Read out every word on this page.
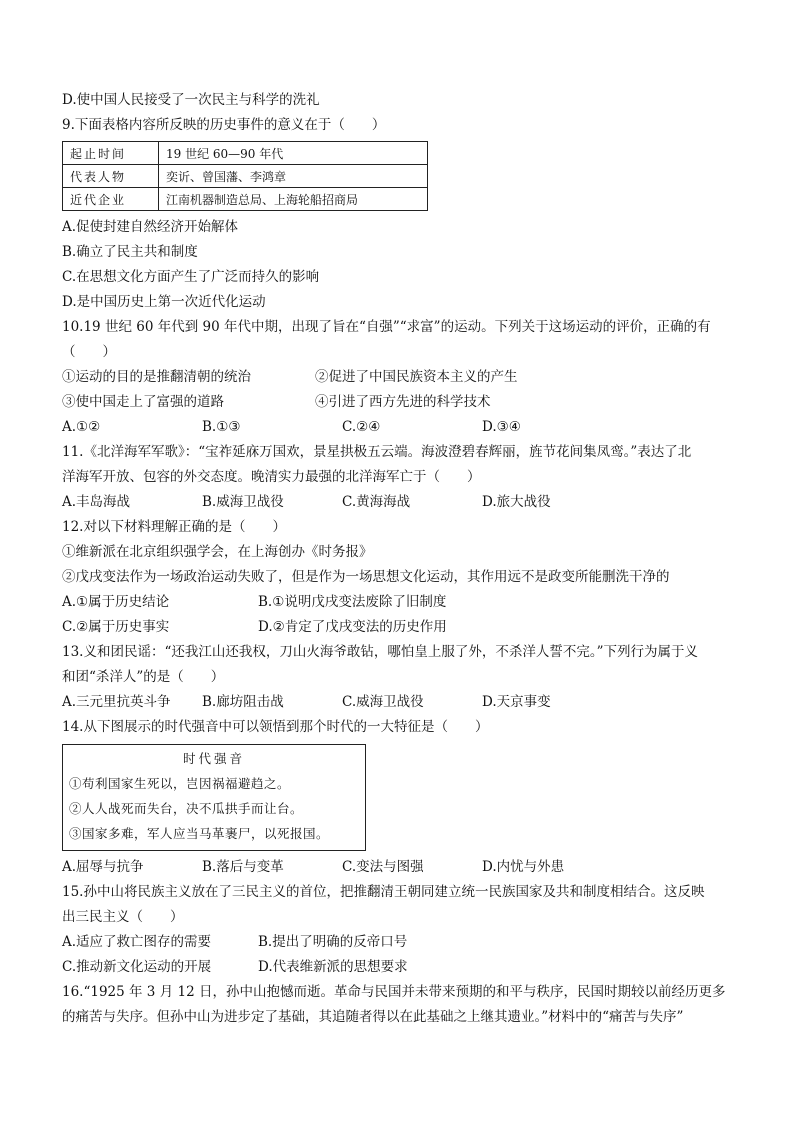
D.使中国人民接受了一次民主与科学的洗礼
9.下面表格内容所反映的历史事件的意义在于（　　）
起止时间	19 世纪 60—90 年代
代表人物	奕䜣、曾国藩、李鸿章
近代企业	江南机器制造总局、上海轮船招商局
A.促使封建自然经济开始解体
B.确立了民主共和制度
C.在思想文化方面产生了广泛而持久的影响
D.是中国历史上第一次近代化运动
10.19 世纪 60 年代到 90 年代中期，出现了旨在“自强”“求富”的运动。下列关于这场运动的评价，正确的有
（　　）
①运动的目的是推翻清朝的统治	②促进了中国民族资本主义的产生
③使中国走上了富强的道路	④引进了西方先进的科学技术
A.①②	B.①③	C.②④	D.③④
11.《北洋海军军歌》：“宝祚延庥万国欢，景星拱极五云端。海波澄碧春辉丽，旌节花间集凤鸾。”表达了北
洋海军开放、包容的外交态度。晚清实力最强的北洋海军亡于（　　）
A.丰岛海战	B.威海卫战役	C.黄海海战	D.旅大战役
12.对以下材料理解正确的是（　　）
①维新派在北京组织强学会，在上海创办《时务报》
②戊戌变法作为一场政治运动失败了，但是作为一场思想文化运动，其作用远不是政变所能删洗干净的
A.①属于历史结论	B.①说明戊戌变法废除了旧制度
C.②属于历史事实	D.②肯定了戊戌变法的历史作用
13.义和团民谣：“还我江山还我权，刀山火海爷敢钻，哪怕皇上服了外，不杀洋人誓不完。”下列行为属于义
和团“杀洋人”的是（　　）
A.三元里抗英斗争	B.廊坊阻击战	C.威海卫战役	D.天京事变
14.从下图展示的时代强音中可以领悟到那个时代的一大特征是（　　）
时代强音
①苟利国家生死以，岂因祸福避趋之。
②人人战死而失台，决不瓜拱手而让台。
③国家多难，军人应当马革裹尸，以死报国。
A.屈辱与抗争	B.落后与变革	C.变法与图强	D.内忧与外患
15.孙中山将民族主义放在了三民主义的首位，把推翻清王朝同建立统一民族国家及共和制度相结合。这反映
出三民主义（　　）
A.适应了救亡图存的需要	B.提出了明确的反帝口号
C.推动新文化运动的开展	D.代表维新派的思想要求
16.“1925 年 3 月 12 日，孙中山抱憾而逝。革命与民国并未带来预期的和平与秩序，民国时期较以前经历更多
的痛苦与失序。但孙中山为进步定了基础，其追随者得以在此基础之上继其遗业。”材料中的“痛苦与失序”
